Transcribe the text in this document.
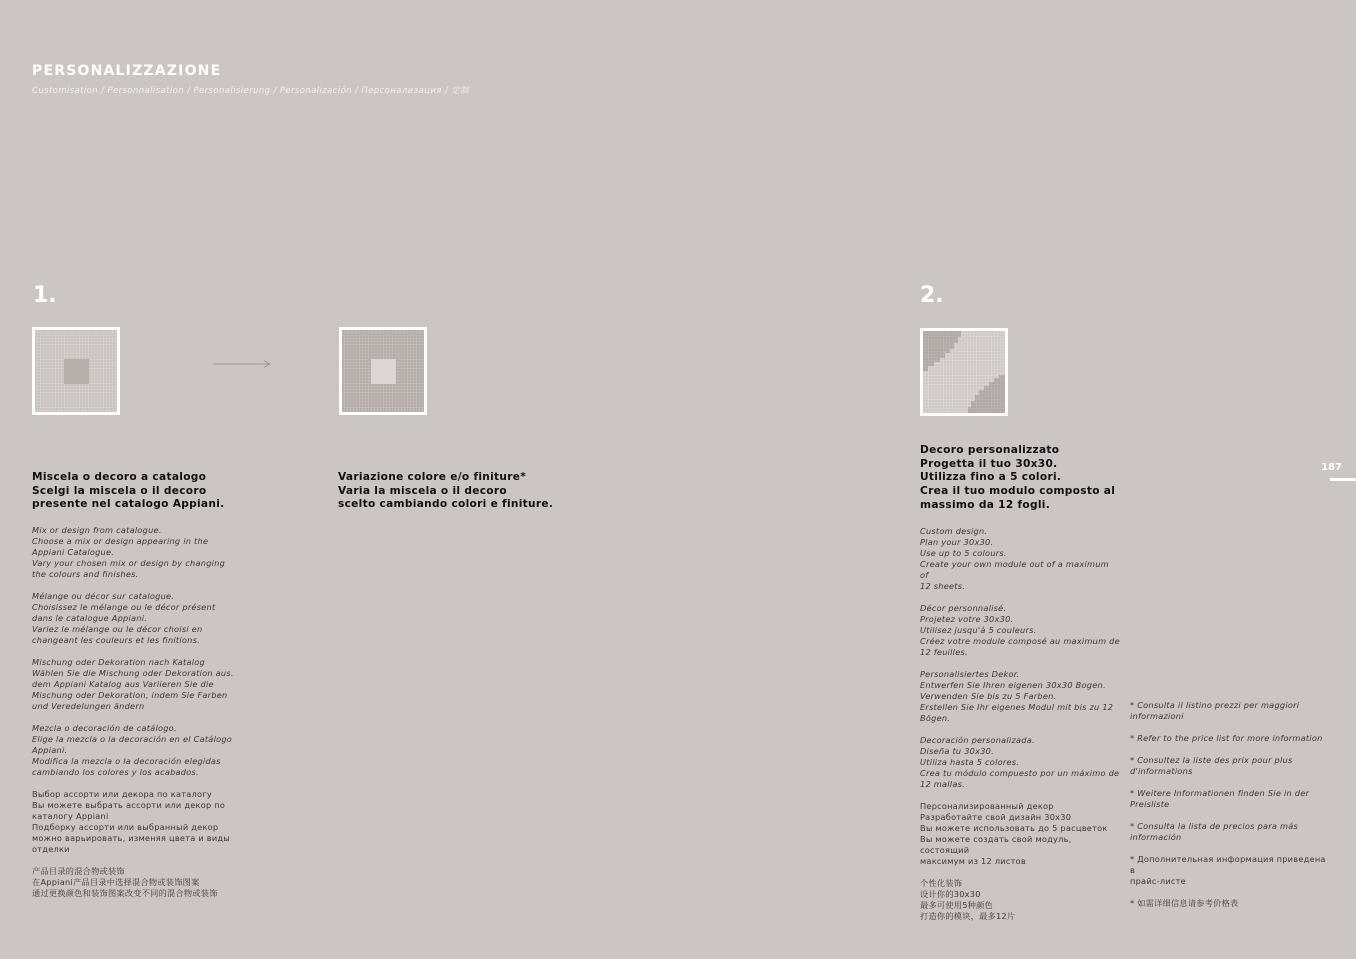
PERSONALIZZAZIONE
Customisation / Personnalisation / Personalisierung / Personalización / Персонализация / 定制
1.

Miscela o decoro a catalogo
Scelgi la miscela o il decoro
presente nel catalogo Appiani.

Mix or design from catalogue.
Choose a mix or design appearing in the
Appiani Catalogue.
Vary your chosen mix or design by changing
the colours and finishes.

Mélange ou décor sur catalogue.
Choisissez le mélange ou le décor présent
dans le catalogue Appiani.
Variez le mélange ou le décor choisi en
changeant les couleurs et les finitions.

Mischung oder Dekoration nach Katalog
Wählen Sie die Mischung oder Dekoration aus.
dem Appiani Katalog aus Variieren Sie die
Mischung oder Dekoration, indem Sie Farben
und Veredelungen ändern

Mezcla o decoración de catálogo.
Elige la mezcla o la decoración en el Catálogo
Appiani.
Modifica la mezcla o la decoración elegidas
cambiando los colores y los acabados.

Выбор ассорти или декора по каталогу
Вы можете выбрать ассорти или декор по
каталогу Appiani
Подборку ассорти или выбранный декор
можно варьировать, изменяя цвета и виды
отделки

产品目录的混合物或装饰
在Appiani产品目录中选择混合物或装饰图案
通过更换颜色和装饰图案改变不同的混合物或装饰

Variazione colore e/o finiture*
Varia la miscela o il decoro
scelto cambiando colori e finiture.

2.

Decoro personalizzato
Progetta il tuo 30x30.
Utilizza fino a 5 colori.
Crea il tuo modulo composto al
massimo da 12 fogli.

Custom design.
Plan your 30x30.
Use up to 5 colours.
Create your own module out of a maximum of
12 sheets.

Décor personnalisé.
Projetez votre 30x30.
Utilisez jusqu'à 5 couleurs.
Créez votre module composé au maximum de
12 feuilles.

Personalisiertes Dekor.
Entwerfen Sie Ihren eigenen 30x30 Bogen.
Verwenden Sie bis zu 5 Farben.
Erstellen Sie Ihr eigenes Modul mit bis zu 12
Bögen.

Decoración personalizada.
Diseña tu 30x30.
Utiliza hasta 5 colores.
Crea tu módulo compuesto por un máximo de
12 mallas.

Персонализированный декор
Разработайте свой дизайн 30x30
Вы можете использовать до 5 расцветок
Вы можете создать свой модуль, состоящий
максимум из 12 листов

个性化装饰
设计你的30x30
最多可使用5种颜色
打造你的模块，最多12片

* Consulta il listino prezzi per maggiori
informazioni

* Refer to the price list for more information

* Consultez la liste des prix pour plus
d'informations

* Weitere Informationen finden Sie in der
Preisliste

* Consulta la lista de precios para más
información

* Дополнительная информация приведена в
прайс-листе

* 如需详细信息请参考价格表

187
